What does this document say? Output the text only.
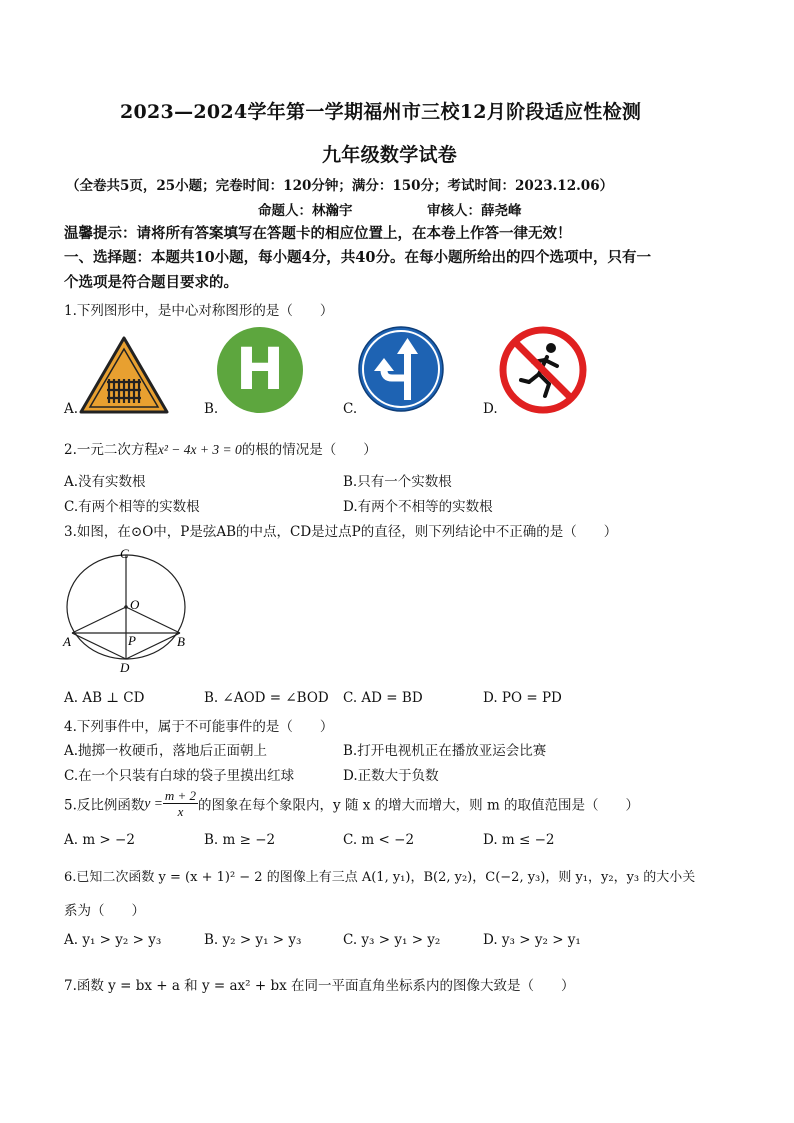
2023—2024学年第一学期福州市三校12月阶段适应性检测
九年级数学试卷
（全卷共5页，25小题；完卷时间：120分钟；满分：150分；考试时间：2023.12.06）
命题人：林瀚宇	审核人：薛尧峰
温馨提示：请将所有答案填写在答题卡的相应位置上，在本卷上作答一律无效！
一、选择题：本题共10小题，每小题4分，共40分。在每小题所给出的四个选项中，只有一
个选项是符合题目要求的。
1.下列图形中，是中心对称图形的是（　　）
A.
H
B.	C.	D.
2.一元二次方程x² − 4x + 3 = 0的根的情况是（　　）
A.没有实数根	B.只有一个实数根
C.有两个相等的实数根	D.有两个不相等的实数根
3.如图，在⊙O中，P是弦AB的中点，CD是过点P的直径，则下列结论中不正确的是（　　）
C
O
A	P	B
D
A. AB ⊥ CD	B. ∠AOD = ∠BOD C. AD = BD	D. PO = PD
4.下列事件中，属于不可能事件的是（　　）
A.抛掷一枚硬币，落地后正面朝上	B.打开电视机正在播放亚运会比赛
C.在一个只装有白球的袋子里摸出红球	D.正数大于负数
5.反比例函数$y = \frac{m + 2}{x}$ 的图象在每个象限内，y 随 x 的增大而增大，则 m 的取值范围是（　　）
A. m > −2	B. m ≥ −2	C. m < −2	D. m ≤ −2
6.已知二次函数 y = (x + 1)² − 2 的图像上有三点 A(1, y₁)，B(2, y₂)，C(−2, y₃)，则 y₁，y₂，y₃ 的大小关
系为（　　）
A. y₁ > y₂ > y₃	B. y₂ > y₁ > y₃	C. y₃ > y₁ > y₂	D. y₃ > y₂ > y₁
7.函数 y = bx + a 和 y = ax² + bx 在同一平面直角坐标系内的图像大致是（　　）
